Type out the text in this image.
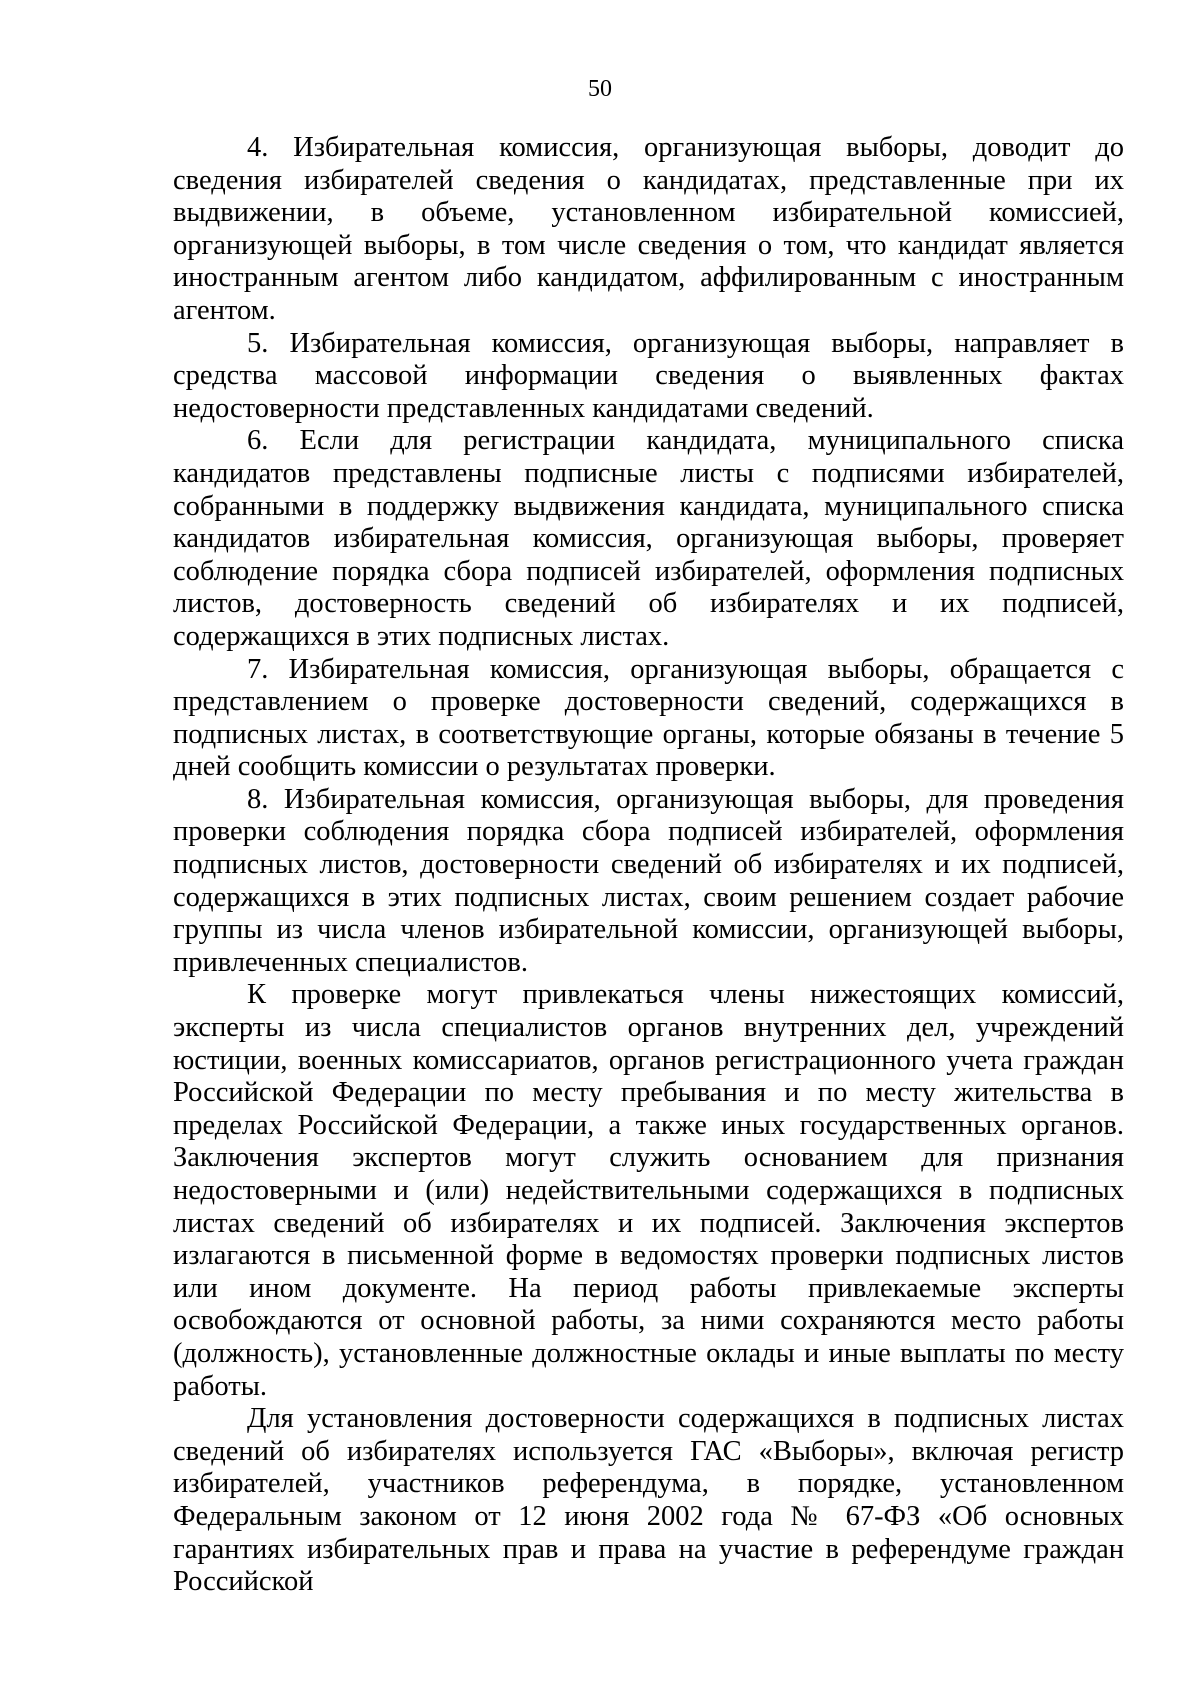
50

4. Избирательная комиссия, организующая выборы, доводит до сведения избирателей сведения о кандидатах, представленные при их выдвижении, в объеме, установленном избирательной комиссией, организующей выборы, в том числе сведения о том, что кандидат является иностранным агентом либо кандидатом, аффилированным с иностранным агентом.

5. Избирательная комиссия, организующая выборы, направляет в средства массовой информации сведения о выявленных фактах недостоверности представленных кандидатами сведений.

6. Если для регистрации кандидата, муниципального списка кандидатов представлены подписные листы с подписями избирателей, собранными в поддержку выдвижения кандидата, муниципального списка кандидатов избирательная комиссия, организующая выборы, проверяет соблюдение порядка сбора подписей избирателей, оформления подписных листов, достоверность сведений об избирателях и их подписей, содержащихся в этих подписных листах.

7. Избирательная комиссия, организующая выборы, обращается с представлением о проверке достоверности сведений, содержащихся в подписных листах, в соответствующие органы, которые обязаны в течение 5 дней сообщить комиссии о результатах проверки.

8. Избирательная комиссия, организующая выборы, для проведения проверки соблюдения порядка сбора подписей избирателей, оформления подписных листов, достоверности сведений об избирателях и их подписей, содержащихся в этих подписных листах, своим решением создает рабочие группы из числа членов избирательной комиссии, организующей выборы, привлеченных специалистов.

К проверке могут привлекаться члены нижестоящих комиссий, эксперты из числа специалистов органов внутренних дел, учреждений юстиции, военных комиссариатов, органов регистрационного учета граждан Российской Федерации по месту пребывания и по месту жительства в пределах Российской Федерации, а также иных государственных органов. Заключения экспертов могут служить основанием для признания недостоверными и (или) недействительными содержащихся в подписных листах сведений об избирателях и их подписей. Заключения экспертов излагаются в письменной форме в ведомостях проверки подписных листов или ином документе. На период работы привлекаемые эксперты освобождаются от основной работы, за ними сохраняются место работы (должность), установленные должностные оклады и иные выплаты по месту работы.

Для установления достоверности содержащихся в подписных листах сведений об избирателях используется ГАС «Выборы», включая регистр избирателей, участников референдума, в порядке, установленном Федеральным законом от 12 июня 2002 года № 67-ФЗ «Об основных гарантиях избирательных прав и права на участие в референдуме граждан Российской
